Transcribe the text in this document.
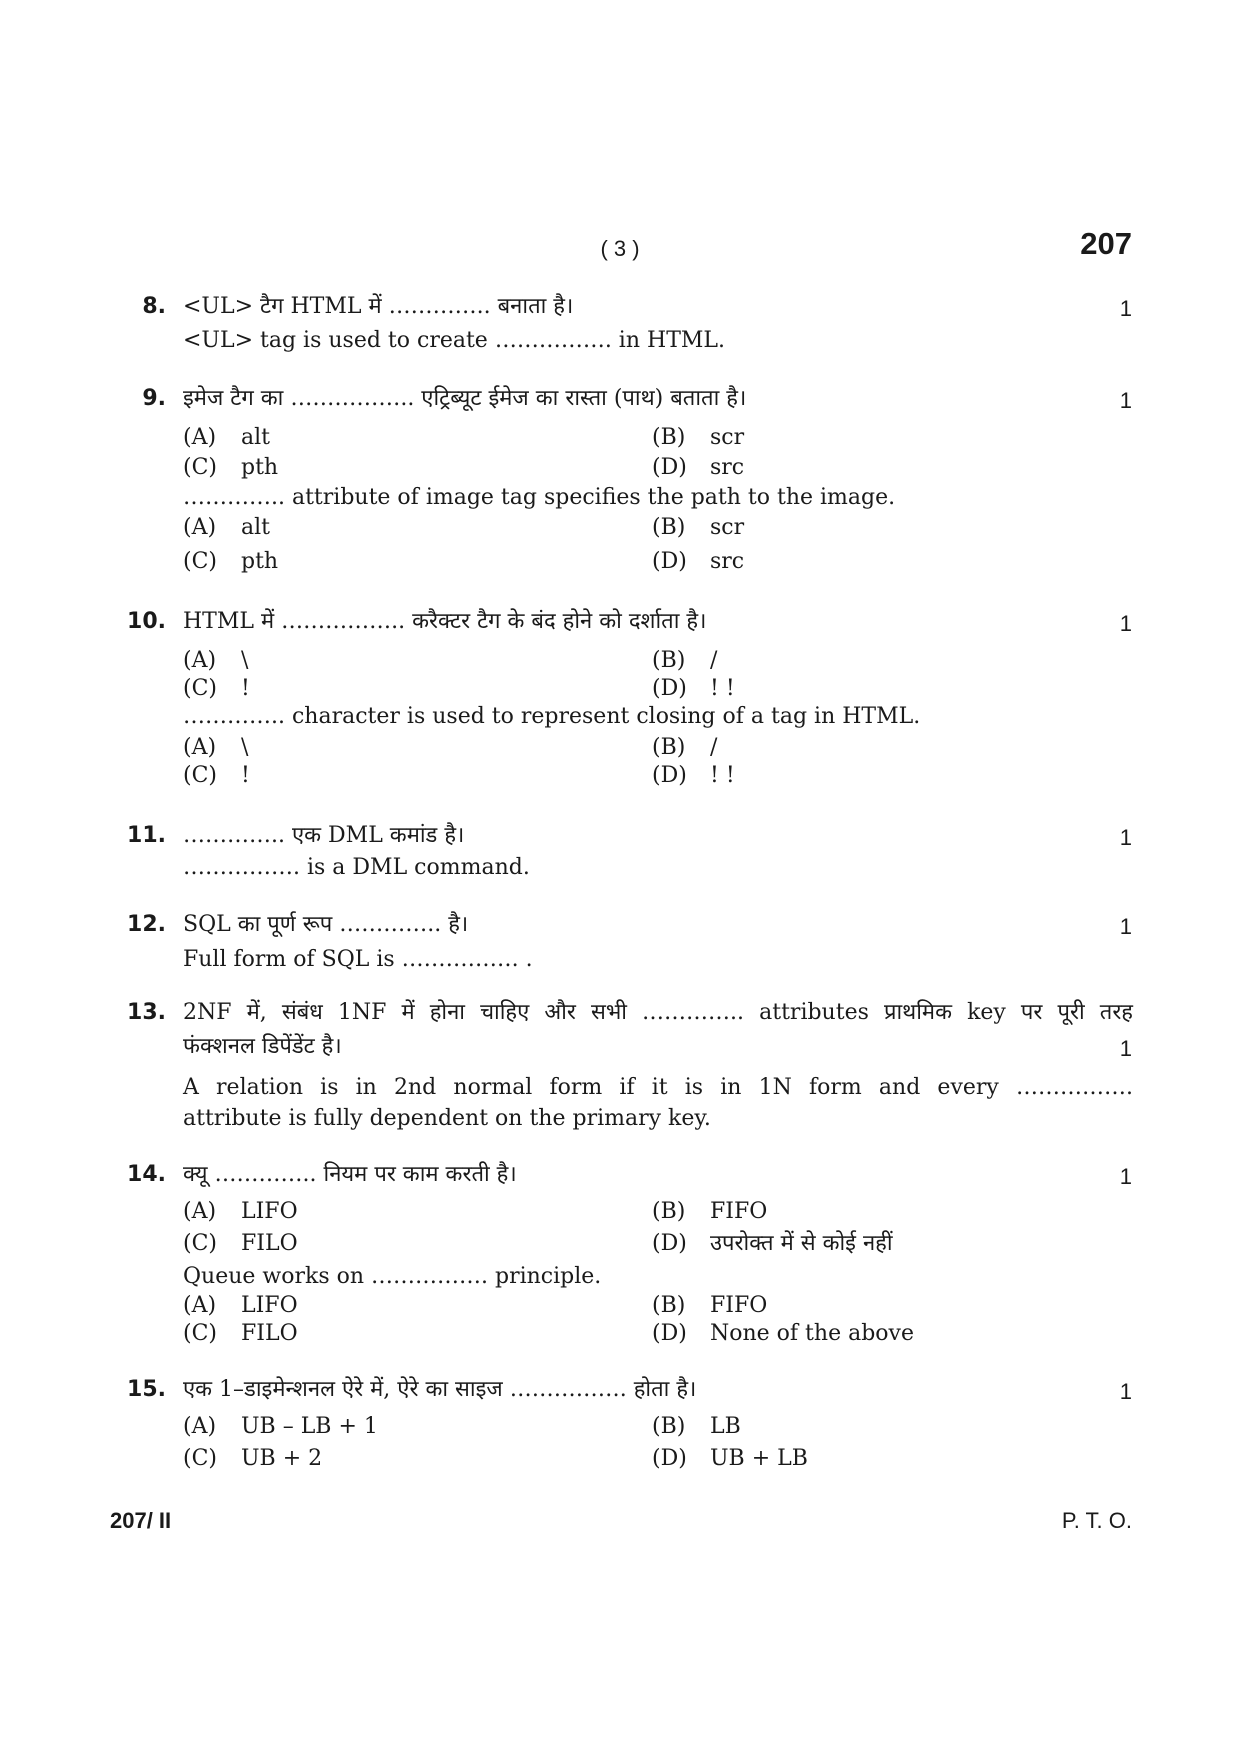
( 3 )	207
8. <UL> टैग HTML में ………….. बनाता है।	1
<UL> tag is used to create ……………. in HTML.
9. इमेज टैग का …………….. एट्रिब्यूट ईमेज का रास्ता (पाथ) बताता है।	1
(A) alt	(B) scr
(C) pth	(D) src
………….. attribute of image tag specifies the path to the image.
(A) alt	(B) scr
(C) pth	(D) src
10. HTML में …………….. करैक्टर टैग के बंद होने को दर्शाता है।	1
(A) \	(B) /
(C) !	(D) ! !
………….. character is used to represent closing of a tag in HTML.
(A) \	(B) /
(C) !	(D) ! !
11. ………….. एक DML कमांड है।	1
……………. is a DML command.
12. SQL का पूर्ण रूप ………….. है।	1
Full form of SQL is ……………. .
13. 2NF में, संबंध 1NF में होना चाहिए और सभी ………….. attributes प्राथमिक key पर पूरी तरह
फंक्शनल डिपेंडेंट है।	1
A relation is in 2nd normal form if it is in 1N form and every …………….
attribute is fully dependent on the primary key.
14. क्यू ………….. नियम पर काम करती है।	1
(A) LIFO	(B) FIFO
(C) FILO	(D) उपरोक्त में से कोई नहीं
Queue works on ……………. principle.
(A) LIFO	(B) FIFO
(C) FILO	(D) None of the above
15. एक 1–डाइमेन्शनल ऐरे में, ऐरे का साइज ……………. होता है।	1
(A) UB – LB + 1	(B) LB
(C) UB + 2	(D) UB + LB
207/ II	P. T. O.
